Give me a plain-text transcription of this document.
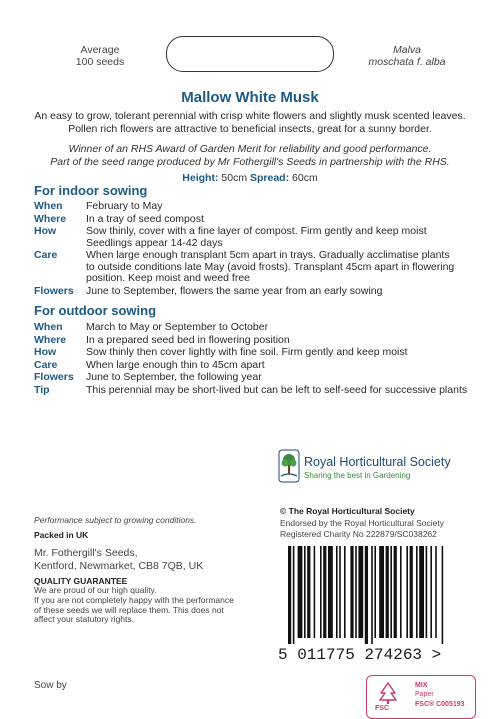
Average
100 seeds
Malva
moschata f. alba
Mallow White Musk
An easy to grow, tolerant perennial with crisp white flowers and slightly musk scented leaves.
Pollen rich flowers are attractive to beneficial insects, great for a sunny border.
Winner of an RHS Award of Garden Merit for reliability and good performance.
Part of the seed range produced by Mr Fothergill's Seeds in partnership with the RHS.
Height: 50cm Spread: 60cm
For indoor sowing
When	February to May

Where	In a tray of seed compost

How	Sow thinly, cover with a fine layer of compost. Firm gently and keep moist
Seedlings appear 14-42 days

Care	When large enough transplant 5cm apart in trays. Gradually acclimatise plants
to outside conditions late May (avoid frosts). Transplant 45cm apart in flowering
position. Keep moist and weed free

Flowers	June to September, flowers the same year from an early sowing
For outdoor sowing
When	March to May or September to October

Where	In a prepared seed bed in flowering position

How	Sow thinly then cover lightly with fine soil. Firm gently and keep moist

Care	When large enough thin to 45cm apart

Flowers	June to September, the following year

Tip	This perennial may be short-lived but can be left to self-seed for successive plants
Royal Horticultural Society
Sharing the best in Gardening
Performance subject to growing conditions.
Packed in UK
Mr. Fothergill's Seeds,
Kentford, Newmarket, CB8 7QB, UK
QUALITY GUARANTEE
We are proud of our high quality.
If you are not completely happy with the performance
of these seeds we will replace them. This does not
affect your statutory rights.
Sow by
© The Royal Horticultural Society
Endorsed by the Royal Horticultural Society
Registered Charity No 222879/SC038262
5 011775 274263 >
FSC
MIX
Paper
FSC® C005193
